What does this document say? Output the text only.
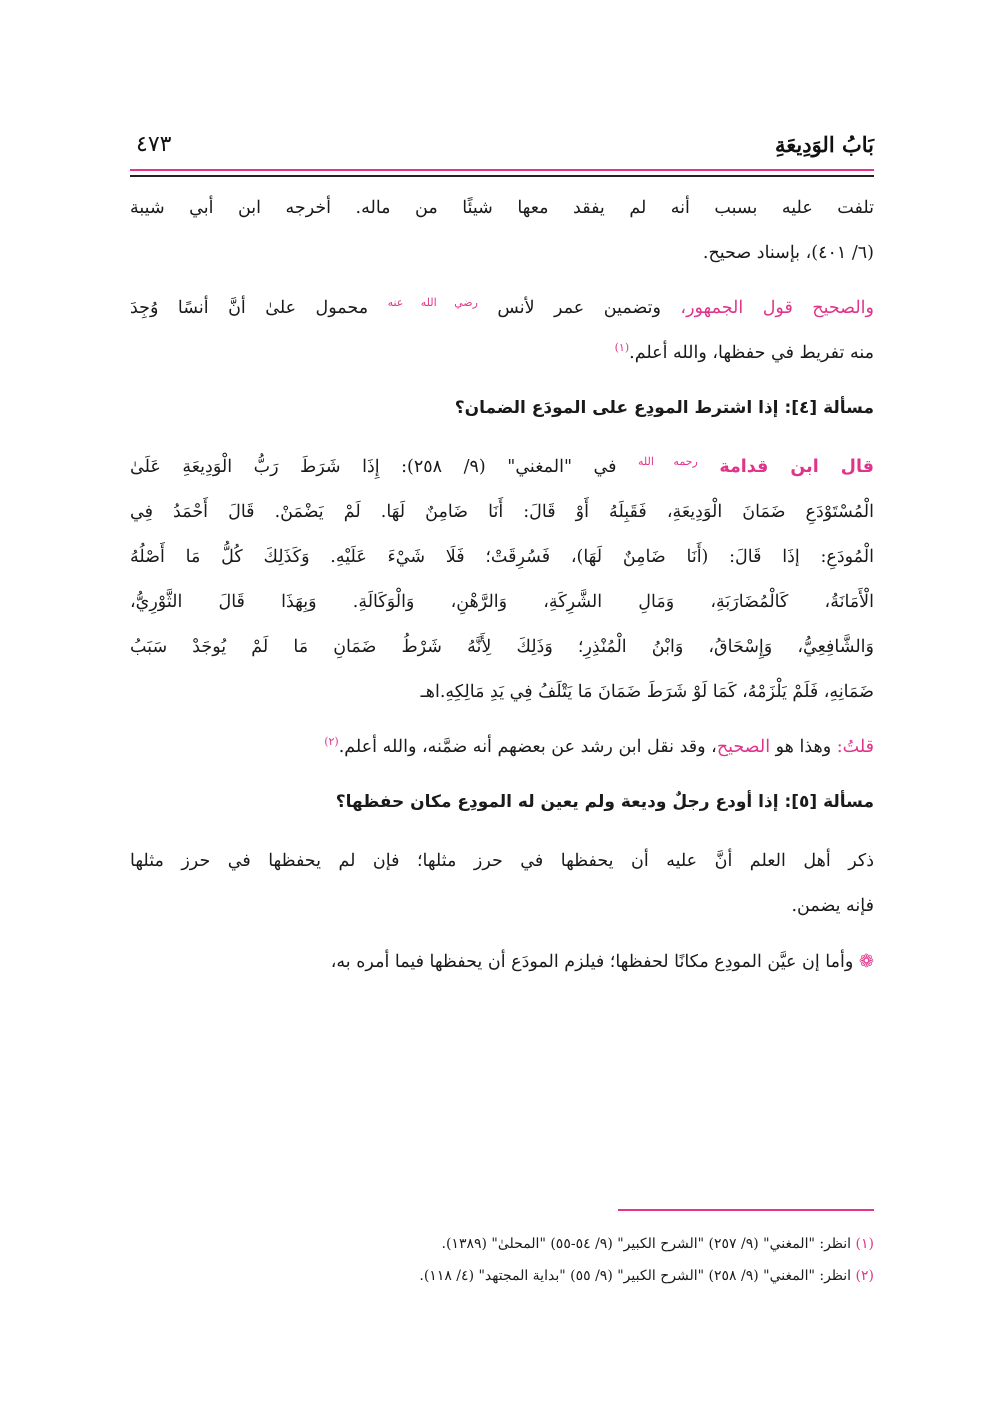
بَابُ الوَدِيعَةِ
٤٧٣
تلفت عليه بسبب أنه لم يفقد معها شيئًا من ماله. أخرجه ابن أبي شيبة
(٦/ ٤٠١)، بإسناد صحيح.
والصحيح قول الجمهور، وتضمين عمر لأنس $^{رضي الله عنه}$ محمول علىٰ أنَّ أنسًا وُجِدَ
منه تفريط في حفظها، والله أعلم.$^{(١)}$
مسألة [٤]: إذا اشترط المودِع على المودَع الضمان؟
قال ابن قدامة $^{رحمه الله}$ في "المغني" (٩/ ٢٥٨): إِذَا شَرَطَ رَبُّ الْوَدِيعَةِ عَلَىٰ
الْمُسْتَوْدَعِ ضَمَانَ الْوَدِيعَةِ، فَقَبِلَهُ أَوْ قَالَ: أَنَا ضَامِنٌ لَهَا. لَمْ يَضْمَنْ. قَالَ أَحْمَدُ فِي
الْمُودَعِ: إذَا قَالَ: (أَنَا ضَامِنٌ لَهَا)، فَسُرِقَتْ؛ فَلَا شَيْءَ عَلَيْهِ. وَكَذَلِكَ كُلُّ مَا أَصْلُهُ
الْأَمَانَةُ، كَالْمُضَارَبَةِ، وَمَالِ الشَّرِكَةِ، وَالرَّهْنِ، وَالْوَكَالَةِ. وَبِهَذَا قَالَ الثَّوْرِيُّ،
وَالشَّافِعِيُّ، وَإِسْحَاقُ، وَابْنُ الْمُنْذِرِ؛ وَذَلِكَ لِأَنَّهُ شَرْطُ ضَمَانِ مَا لَمْ يُوجَدْ سَبَبُ
ضَمَانِهِ، فَلَمْ يَلْزَمْهُ، كَمَا لَوْ شَرَطَ ضَمَانَ مَا يَتْلَفُ فِي يَدِ مَالِكِهِ.اهـ
قلتُ: وهذا هو الصحيح، وقد نقل ابن رشد عن بعضهم أنه ضمَّنه، والله أعلم.$^{(٢)}$
مسألة [٥]: إذا أودع رجلٌ وديعة ولم يعين له المودِع مكان حفظها؟
ذكر أهل العلم أنَّ عليه أن يحفظها في حرز مثلها؛ فإن لم يحفظها في حرز مثلها
فإنه يضمن.
❁ وأما إن عيَّن المودِع مكانًا لحفظها؛ فيلزم المودَع أن يحفظها فيما أمره به،
(١) انظر: "المغني" (٩/ ٢٥٧) "الشرح الكبير" (٩/ ٥٤-٥٥) "المحلىٰ" (١٣٨٩).
(٢) انظر: "المغني" (٩/ ٢٥٨) "الشرح الكبير" (٩/ ٥٥) "بداية المجتهد" (٤/ ١١٨).
